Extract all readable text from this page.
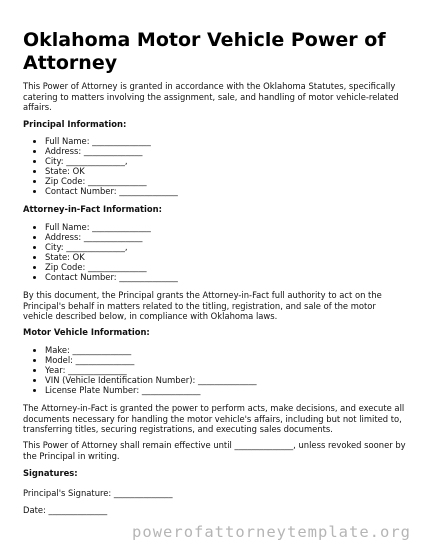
Oklahoma Motor Vehicle Power of Attorney

This Power of Attorney is granted in accordance with the Oklahoma Statutes, specifically catering to matters involving the assignment, sale, and handling of motor vehicle-related affairs.

Principal Information:

• Full Name: ______________
• Address: ______________
• City: ______________,
• State: OK
• Zip Code: ______________
• Contact Number: ______________

Attorney-in-Fact Information:

• Full Name: ______________
• Address: ______________
• City: ______________,
• State: OK
• Zip Code: ______________
• Contact Number: ______________

By this document, the Principal grants the Attorney-in-Fact full authority to act on the Principal's behalf in matters related to the titling, registration, and sale of the motor vehicle described below, in compliance with Oklahoma laws.

Motor Vehicle Information:

• Make: ______________
• Model: ______________
• Year: ______________
• VIN (Vehicle Identification Number): ______________
• License Plate Number: ______________

The Attorney-in-Fact is granted the power to perform acts, make decisions, and execute all documents necessary for handling the motor vehicle's affairs, including but not limited to, transferring titles, securing registrations, and executing sales documents.

This Power of Attorney shall remain effective until ______________, unless revoked sooner by the Principal in writing.

Signatures:

Principal's Signature: ______________

Date: ______________

powerofattorneytemplate.org
